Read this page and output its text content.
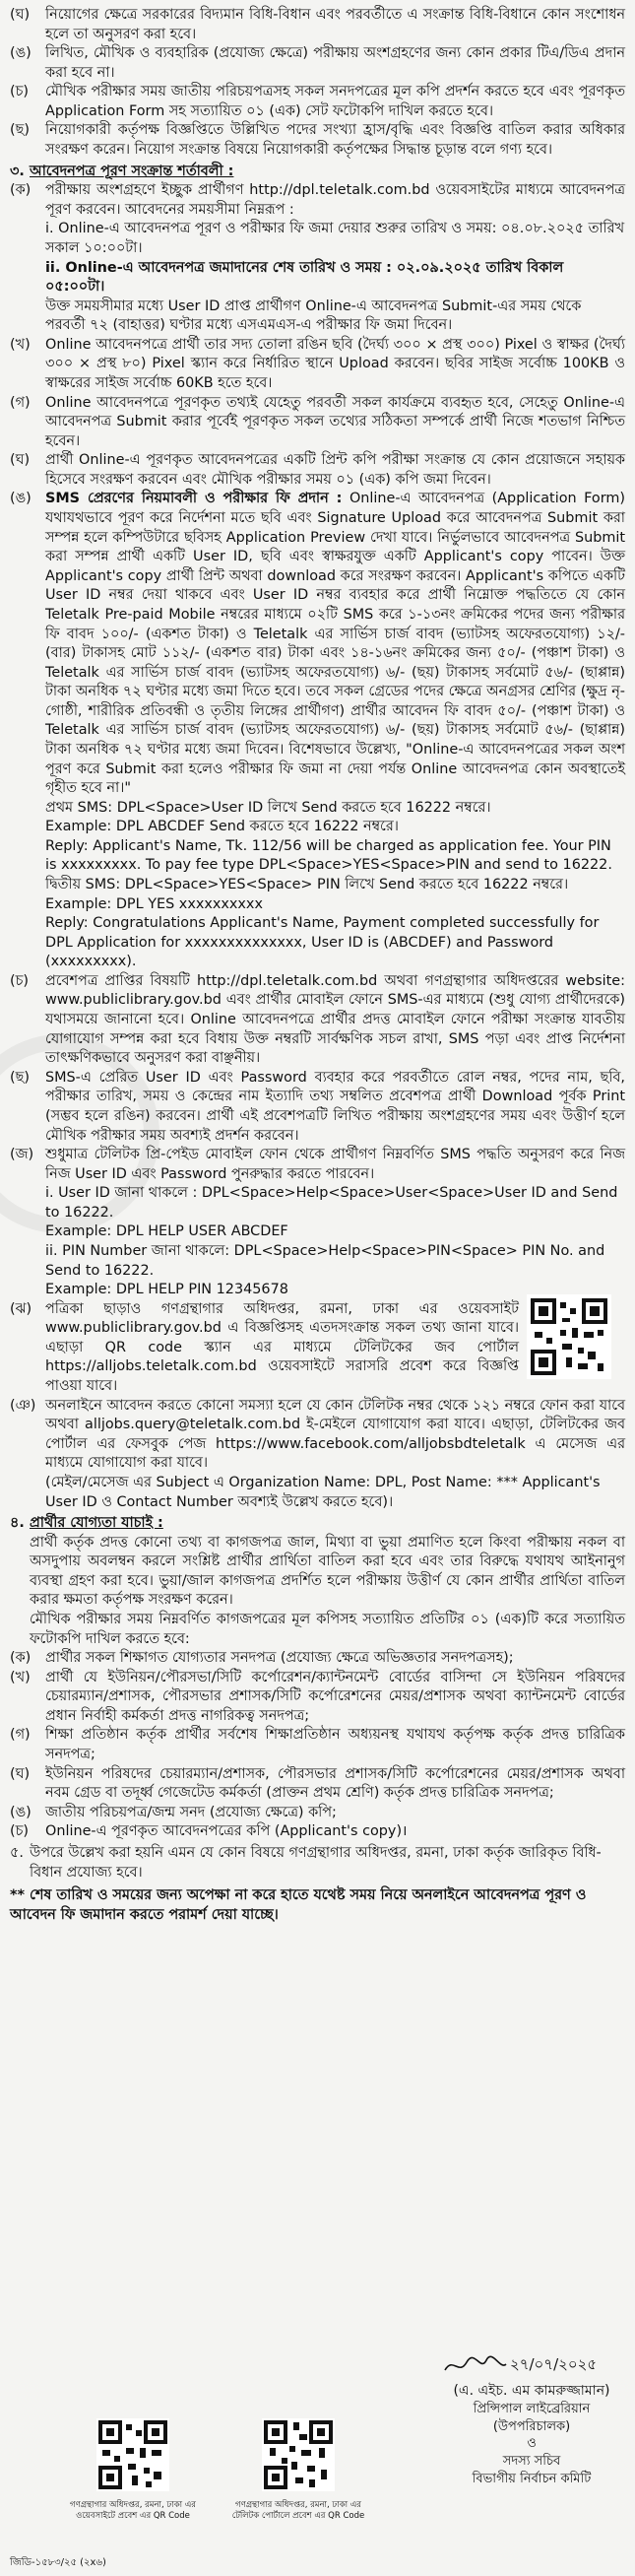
(ঘ)	নিয়োগের ক্ষেত্রে সরকারের বিদ্যমান বিধি-বিধান এবং পরবর্তীতে এ সংক্রান্ত বিধি-বিধানে কোন সংশোধন হলে তা অনুসরণ করা হবে।
(ঙ) লিখিত, মৌখিক ও ব্যবহারিক (প্রযোজ্য ক্ষেত্রে) পরীক্ষায় অংশগ্রহণের জন্য কোন প্রকার টিএ/ডিএ প্রদান করা হবে না।
(চ)	মৌখিক পরীক্ষার সময় জাতীয় পরিচয়পত্রসহ সকল সনদপত্রের মূল কপি প্রদর্শন করতে হবে এবং পূরণকৃত Application Form সহ সত্যায়িত ০১ (এক) সেট ফটোকপি দাখিল করতে হবে।
(ছ)	নিয়োগকারী কর্তৃপক্ষ বিজ্ঞপ্তিতে উল্লিখিত পদের সংখ্যা হ্রাস/বৃদ্ধি এবং বিজ্ঞপ্তি বাতিল করার অধিকার সংরক্ষণ করেন। নিয়োগ সংক্রান্ত বিষয়ে নিয়োগকারী কর্তৃপক্ষের সিদ্ধান্ত চূড়ান্ত বলে গণ্য হবে।
৩. আবেদনপত্র পূরণ সংক্রান্ত শর্তাবলী :
(ক)	পরীক্ষায় অংশগ্রহণে ইচ্ছুক প্রার্থীগণ http://dpl.teletalk.com.bd ওয়েবসাইটের মাধ্যমে আবেদনপত্র পূরণ করবেন। আবেদনের সময়সীমা নিম্নরূপ :
i. Online-এ আবেদনপত্র পূরণ ও পরীক্ষার ফি জমা দেয়ার শুরুর তারিখ ও সময়: ০৪.০৮.২০২৫ তারিখ সকাল ১০:০০টা।
ii. Online-এ আবেদনপত্র জমাদানের শেষ তারিখ ও সময় : ০২.০৯.২০২৫ তারিখ বিকাল ০৫:০০টা।
উক্ত সময়সীমার মধ্যে User ID প্রাপ্ত প্রার্থীগণ Online-এ আবেদনপত্র Submit-এর সময় থেকে পরবর্তী ৭২ (বাহাত্তর) ঘণ্টার মধ্যে এসএমএস-এ পরীক্ষার ফি জমা দিবেন।
(খ)	Online আবেদনপত্রে প্রার্থী তার সদ্য তোলা রঙিন ছবি (দৈর্ঘ্য ৩০০ × প্রস্থ ৩০০) Pixel ও স্বাক্ষর (দৈর্ঘ্য ৩০০ × প্রস্থ ৮০) Pixel স্ক্যান করে নির্ধারিত স্থানে Upload করবেন। ছবির সাইজ সর্বোচ্চ 100KB ও স্বাক্ষরের সাইজ সর্বোচ্চ 60KB হতে হবে।
(গ)	Online আবেদনপত্রে পূরণকৃত তথ্যই যেহেতু পরবর্তী সকল কার্যক্রমে ব্যবহৃত হবে, সেহেতু Online-এ আবেদনপত্র Submit করার পূর্বেই পূরণকৃত সকল তথ্যের সঠিকতা সম্পর্কে প্রার্থী নিজে শতভাগ নিশ্চিত হবেন।
(ঘ)	প্রার্থী Online-এ পূরণকৃত আবেদনপত্রের একটি প্রিন্ট কপি পরীক্ষা সংক্রান্ত যে কোন প্রয়োজনে সহায়ক হিসেবে সংরক্ষণ করবেন এবং মৌখিক পরীক্ষার সময় ০১ (এক) কপি জমা দিবেন।
(ঙ) SMS প্রেরণের নিয়মাবলী ও পরীক্ষার ফি প্রদান : Online-এ আবেদনপত্র (Application Form) যথাযথভাবে পূরণ করে নির্দেশনা মতে ছবি এবং Signature Upload করে আবেদনপত্র Submit করা সম্পন্ন হলে কম্পিউটারে ছবিসহ Application Preview দেখা যাবে। নির্ভুলভাবে আবেদনপত্র Submit করা সম্পন্ন প্রার্থী একটি User ID, ছবি এবং স্বাক্ষরযুক্ত একটি Applicant's copy পাবেন। উক্ত Applicant's copy প্রার্থী প্রিন্ট অথবা download করে সংরক্ষণ করবেন। Applicant's কপিতে একটি User ID নম্বর দেয়া থাকবে এবং User ID নম্বর ব্যবহার করে প্রার্থী নিম্নোক্ত পদ্ধতিতে যে কোন Teletalk Pre-paid Mobile নম্বরের মাধ্যমে ০২টি SMS করে ১-১৩নং ক্রমিকের পদের জন্য পরীক্ষার ফি বাবদ ১০০/- (একশত টাকা) ও Teletalk এর সার্ভিস চার্জ বাবদ (ভ্যাটসহ অফেরতযোগ্য) ১২/- (বার) টাকাসহ মোট ১১২/- (একশত বার) টাকা এবং ১৪-১৬নং ক্রমিকের জন্য ৫০/- (পঞ্চাশ টাকা) ও Teletalk এর সার্ভিস চার্জ বাবদ (ভ্যাটসহ অফেরতযোগ্য) ৬/- (ছয়) টাকাসহ সর্বমোট ৫৬/- (ছাপ্পান্ন) টাকা অনধিক ৭২ ঘণ্টার মধ্যে জমা দিতে হবে। তবে সকল গ্রেডের পদের ক্ষেত্রে অনগ্রসর শ্রেণির (ক্ষুদ্র নৃ-গোষ্ঠী, শারীরিক প্রতিবন্ধী ও তৃতীয় লিঙ্গের প্রার্থীগণ) প্রার্থীর আবেদন ফি বাবদ ৫০/- (পঞ্চাশ টাকা) ও Teletalk এর সার্ভিস চার্জ বাবদ (ভ্যাটসহ অফেরতযোগ্য) ৬/- (ছয়) টাকাসহ সর্বমোট ৫৬/- (ছাপ্পান্ন) টাকা অনধিক ৭২ ঘণ্টার মধ্যে জমা দিবেন। বিশেষভাবে উল্লেখ্য, "Online-এ আবেদনপত্রের সকল অংশ পূরণ করে Submit করা হলেও পরীক্ষার ফি জমা না দেয়া পর্যন্ত Online আবেদনপত্র কোন অবস্থাতেই গৃহীত হবে না।"
প্রথম SMS: DPL<Space>User ID লিখে Send করতে হবে 16222 নম্বরে।
Example: DPL ABCDEF Send করতে হবে 16222 নম্বরে।
Reply: Applicant's Name, Tk. 112/56 will be charged as application fee. Your PIN is xxxxxxxxx. To pay fee type DPL<Space>YES<Space>PIN and send to 16222.
দ্বিতীয় SMS: DPL<Space>YES<Space> PIN লিখে Send করতে হবে 16222 নম্বরে।
Example: DPL YES xxxxxxxxxx
Reply: Congratulations Applicant's Name, Payment completed successfully for DPL Application for xxxxxxxxxxxxxx, User ID is (ABCDEF) and Password (xxxxxxxxx).
(চ)	প্রবেশপত্র প্রাপ্তির বিষয়টি http://dpl.teletalk.com.bd অথবা গণগ্রন্থাগার অধিদপ্তরের website: www.publiclibrary.gov.bd এবং প্রার্থীর মোবাইল ফোনে SMS-এর মাধ্যমে (শুধু যোগ্য প্রার্থীদেরকে) যথাসময়ে জানানো হবে। Online আবেদনপত্রে প্রার্থীর প্রদত্ত মোবাইল ফোনে পরীক্ষা সংক্রান্ত যাবতীয় যোগাযোগ সম্পন্ন করা হবে বিধায় উক্ত নম্বরটি সার্বক্ষণিক সচল রাখা, SMS পড়া এবং প্রাপ্ত নির্দেশনা তাৎক্ষণিকভাবে অনুসরণ করা বাঞ্ছনীয়।
(ছ)	SMS-এ প্রেরিত User ID এবং Password ব্যবহার করে পরবর্তীতে রোল নম্বর, পদের নাম, ছবি, পরীক্ষার তারিখ, সময় ও কেন্দ্রের নাম ইত্যাদি তথ্য সম্বলিত প্রবেশপত্র প্রার্থী Download পূর্বক Print (সম্ভব হলে রঙিন) করবেন। প্রার্থী এই প্রবেশপত্রটি লিখিত পরীক্ষায় অংশগ্রহণের সময় এবং উত্তীর্ণ হলে মৌখিক পরীক্ষার সময় অবশ্যই প্রদর্শন করবেন।
(জ) শুধুমাত্র টেলিটক প্রি-পেইড মোবাইল ফোন থেকে প্রার্থীগণ নিম্নবর্ণিত SMS পদ্ধতি অনুসরণ করে নিজ নিজ User ID এবং Password পুনরুদ্ধার করতে পারবেন।
i. User ID জানা থাকলে : DPL<Space>Help<Space>User<Space>User ID and Send to 16222.
Example: DPL HELP USER ABCDEF
ii. PIN Number জানা থাকলে: DPL<Space>Help<Space>PIN<Space> PIN No. and Send to 16222.
Example: DPL HELP PIN 12345678
(ঝ) পত্রিকা ছাড়াও গণগ্রন্থাগার অধিদপ্তর, রমনা, ঢাকা এর ওয়েবসাইট www.publiclibrary.gov.bd এ বিজ্ঞপ্তিসহ এতদসংক্রান্ত সকল তথ্য জানা যাবে। এছাড়া QR code স্ক্যান এর মাধ্যমে টেলিটকের জব পোর্টাল https://alljobs.teletalk.com.bd ওয়েবসাইটে সরাসরি প্রবেশ করে বিজ্ঞপ্তি পাওয়া যাবে।
(ঞ) অনলাইনে আবেদন করতে কোনো সমস্যা হলে যে কোন টেলিটক নম্বর থেকে ১২১ নম্বরে ফোন করা যাবে অথবা alljobs.query@teletalk.com.bd ই-মেইলে যোগাযোগ করা যাবে। এছাড়া, টেলিটকের জব পোর্টাল এর ফেসবুক পেজ https://www.facebook.com/alljobsbdteletalk এ মেসেজ এর মাধ্যমে যোগাযোগ করা যাবে।
(মেইল/মেসেজ এর Subject এ Organization Name: DPL, Post Name: *** Applicant's User ID ও Contact Number অবশ্যই উল্লেখ করতে হবে)।
৪. প্রার্থীর যোগ্যতা যাচাই :
প্রার্থী কর্তৃক প্রদত্ত কোনো তথ্য বা কাগজপত্র জাল, মিথ্যা বা ভুয়া প্রমাণিত হলে কিংবা পরীক্ষায় নকল বা অসদুপায় অবলম্বন করলে সংশ্লিষ্ট প্রার্থীর প্রার্থিতা বাতিল করা হবে এবং তার বিরুদ্ধে যথাযথ আইনানুগ ব্যবস্থা গ্রহণ করা হবে। ভুয়া/জাল কাগজপত্র প্রদর্শিত হলে পরীক্ষায় উত্তীর্ণ যে কোন প্রার্থীর প্রার্থিতা বাতিল করার ক্ষমতা কর্তৃপক্ষ সংরক্ষণ করেন।
মৌখিক পরীক্ষার সময় নিম্নবর্ণিত কাগজপত্রের মূল কপিসহ সত্যায়িত প্রতিটির ০১ (এক)টি করে সত্যায়িত ফটোকপি দাখিল করতে হবে:
(ক)	প্রার্থীর সকল শিক্ষাগত যোগ্যতার সনদপত্র (প্রযোজ্য ক্ষেত্রে অভিজ্ঞতার সনদপত্রসহ);
(খ)	প্রার্থী যে ইউনিয়ন/পৌরসভা/সিটি কর্পোরেশন/ক্যান্টনমেন্ট বোর্ডের বাসিন্দা সে ইউনিয়ন পরিষদের চেয়ারম্যান/প্রশাসক, পৌরসভার প্রশাসক/সিটি কর্পোরেশনের মেয়র/প্রশাসক অথবা ক্যান্টনমেন্ট বোর্ডের প্রধান নির্বাহী কর্মকর্তা প্রদত্ত নাগরিকত্ব সনদপত্র;
(গ)	শিক্ষা প্রতিষ্ঠান কর্তৃক প্রার্থীর সর্বশেষ শিক্ষাপ্রতিষ্ঠান অধ্যয়নস্থ যথাযথ কর্তৃপক্ষ কর্তৃক প্রদত্ত চারিত্রিক সনদপত্র;
(ঘ)	ইউনিয়ন পরিষদের চেয়ারম্যান/প্রশাসক, পৌরসভার প্রশাসক/সিটি কর্পোরেশনের মেয়র/প্রশাসক অথবা নবম গ্রেড বা তদূর্ধ্ব গেজেটেড কর্মকর্তা (প্রাক্তন প্রথম শ্রেণি) কর্তৃক প্রদত্ত চারিত্রিক সনদপত্র;
(ঙ) জাতীয় পরিচয়পত্র/জন্ম সনদ (প্রযোজ্য ক্ষেত্রে) কপি;
(চ)	Online-এ পূরণকৃত আবেদনপত্রের কপি (Applicant's copy)।
৫. উপরে উল্লেখ করা হয়নি এমন যে কোন বিষয়ে গণগ্রন্থাগার অধিদপ্তর, রমনা, ঢাকা কর্তৃক জারিকৃত বিধি-বিধান প্রযোজ্য হবে।
** শেষ তারিখ ও সময়ের জন্য অপেক্ষা না করে হাতে যথেষ্ট সময় নিয়ে অনলাইনে আবেদনপত্র পূরণ ও আবেদন ফি জমাদান করতে পরামর্শ দেয়া যাচ্ছে।
গণগ্রন্থাগার অধিদপ্তর, রমনা, ঢাকা এর ওয়েবসাইটে প্রবেশ এর QR Code
গণগ্রন্থাগার অধিদপ্তর, রমনা, ঢাকা এর টেলিটক পোর্টালে প্রবেশ এর QR Code
২৭/০৭/২০২৫
(এ. এইচ. এম কামরুজ্জামান)
প্রিন্সিপাল লাইব্রেরিয়ান
(উপপরিচালক)
ও
সদস্য সচিব
বিভাগীয় নির্বাচন কমিটি
জিডি-১৫৮৩/২৫ (২x৬)
